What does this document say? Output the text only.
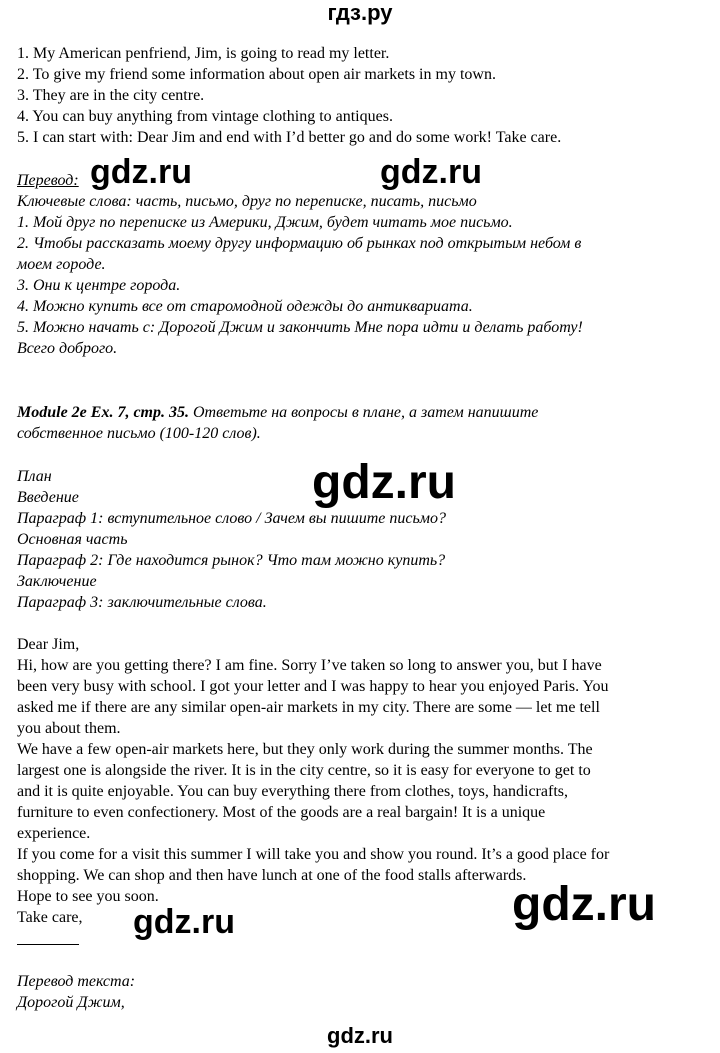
гдз.ру
1. My American penfriend, Jim, is going to read my letter.
2. To give my friend some information about open air markets in my town.
3. They are in the city centre.
4. You can buy anything from vintage clothing to antiques.
5. I can start with: Dear Jim and end with I’d better go and do some work! Take care.
Перевод:
Ключевые слова: часть, письмо, друг по переписке, писать, письмо
1. Мой друг по переписке из Америки, Джим, будет читать мое письмо.
2. Чтобы рассказать моему другу информацию об рынках под открытым небом в
моем городе.
3. Они к центре города.
4. Можно купить все от старомодной одежды до антиквариата.
5. Можно начать с: Дорогой Джим и закончить Мне пора идти и делать работу!
Всего доброго.
Module 2e Ex. 7, стр. 35. Ответьте на вопросы в плане, а затем напишите
собственное письмо (100-120 слов).
План
Введение
Параграф 1: вступительное слово / Зачем вы пишите письмо?
Основная часть
Параграф 2: Где находится рынок? Что там можно купить?
Заключение
Параграф 3: заключительные слова.
Dear Jim,
Hi, how are you getting there? I am fine. Sorry I’ve taken so long to answer you, but I have
been very busy with school. I got your letter and I was happy to hear you enjoyed Paris. You
asked me if there are any similar open-air markets in my city. There are some — let me tell
you about them.
We have a few open-air markets here, but they only work during the summer months. The
largest one is alongside the river. It is in the city centre, so it is easy for everyone to get to
and it is quite enjoyable. You can buy everything there from clothes, toys, handicrafts,
furniture to even confectionery. Most of the goods are a real bargain! It is a unique
experience.
If you come for a visit this summer I will take you and show you round. It’s a good place for
shopping. We can shop and then have lunch at one of the food stalls afterwards.
Hope to see you soon.
Take care,
Перевод текста:
Дорогой Джим,
gdz.ru	gdz.ru
gdz.ru
gdz.ru	gdz.ru
gdz.ru
